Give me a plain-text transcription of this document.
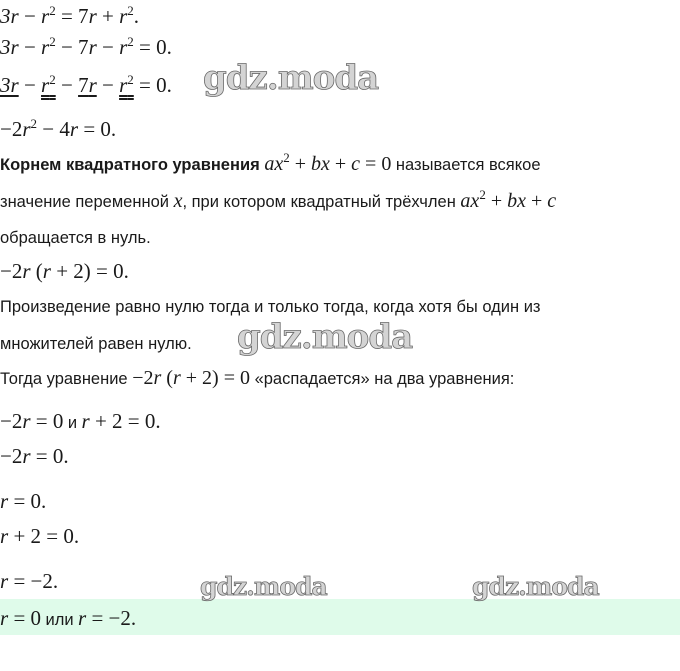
$3r - r^2 = 7r + r^2$.
$3r - r^2 - 7r - r^2 = 0$.
$3r - r^2 - 7r - r^2 = 0$.
$-2r^2 - 4r = 0$.
Корнем квадратного уравнения $ax^2$ + bx + c = 0 называется всякое
значение переменной x, при котором квадратный трёхчлен $ax^2$ + bx + c
обращается в нуль.
−2r (r + 2) = 0.
Произведение равно нулю тогда и только тогда, когда хотя бы один из
множителей равен нулю.
Тогда уравнение −2r (r + 2) = 0 «распадается» на два уравнения:
−2r = 0 и r + 2 = 0.
−2r = 0.
r = 0.
r + 2 = 0.
r = −2.
r = 0 или r = −2.
gdz.moda
gdz.moda
gdz.moda	gdz.moda
